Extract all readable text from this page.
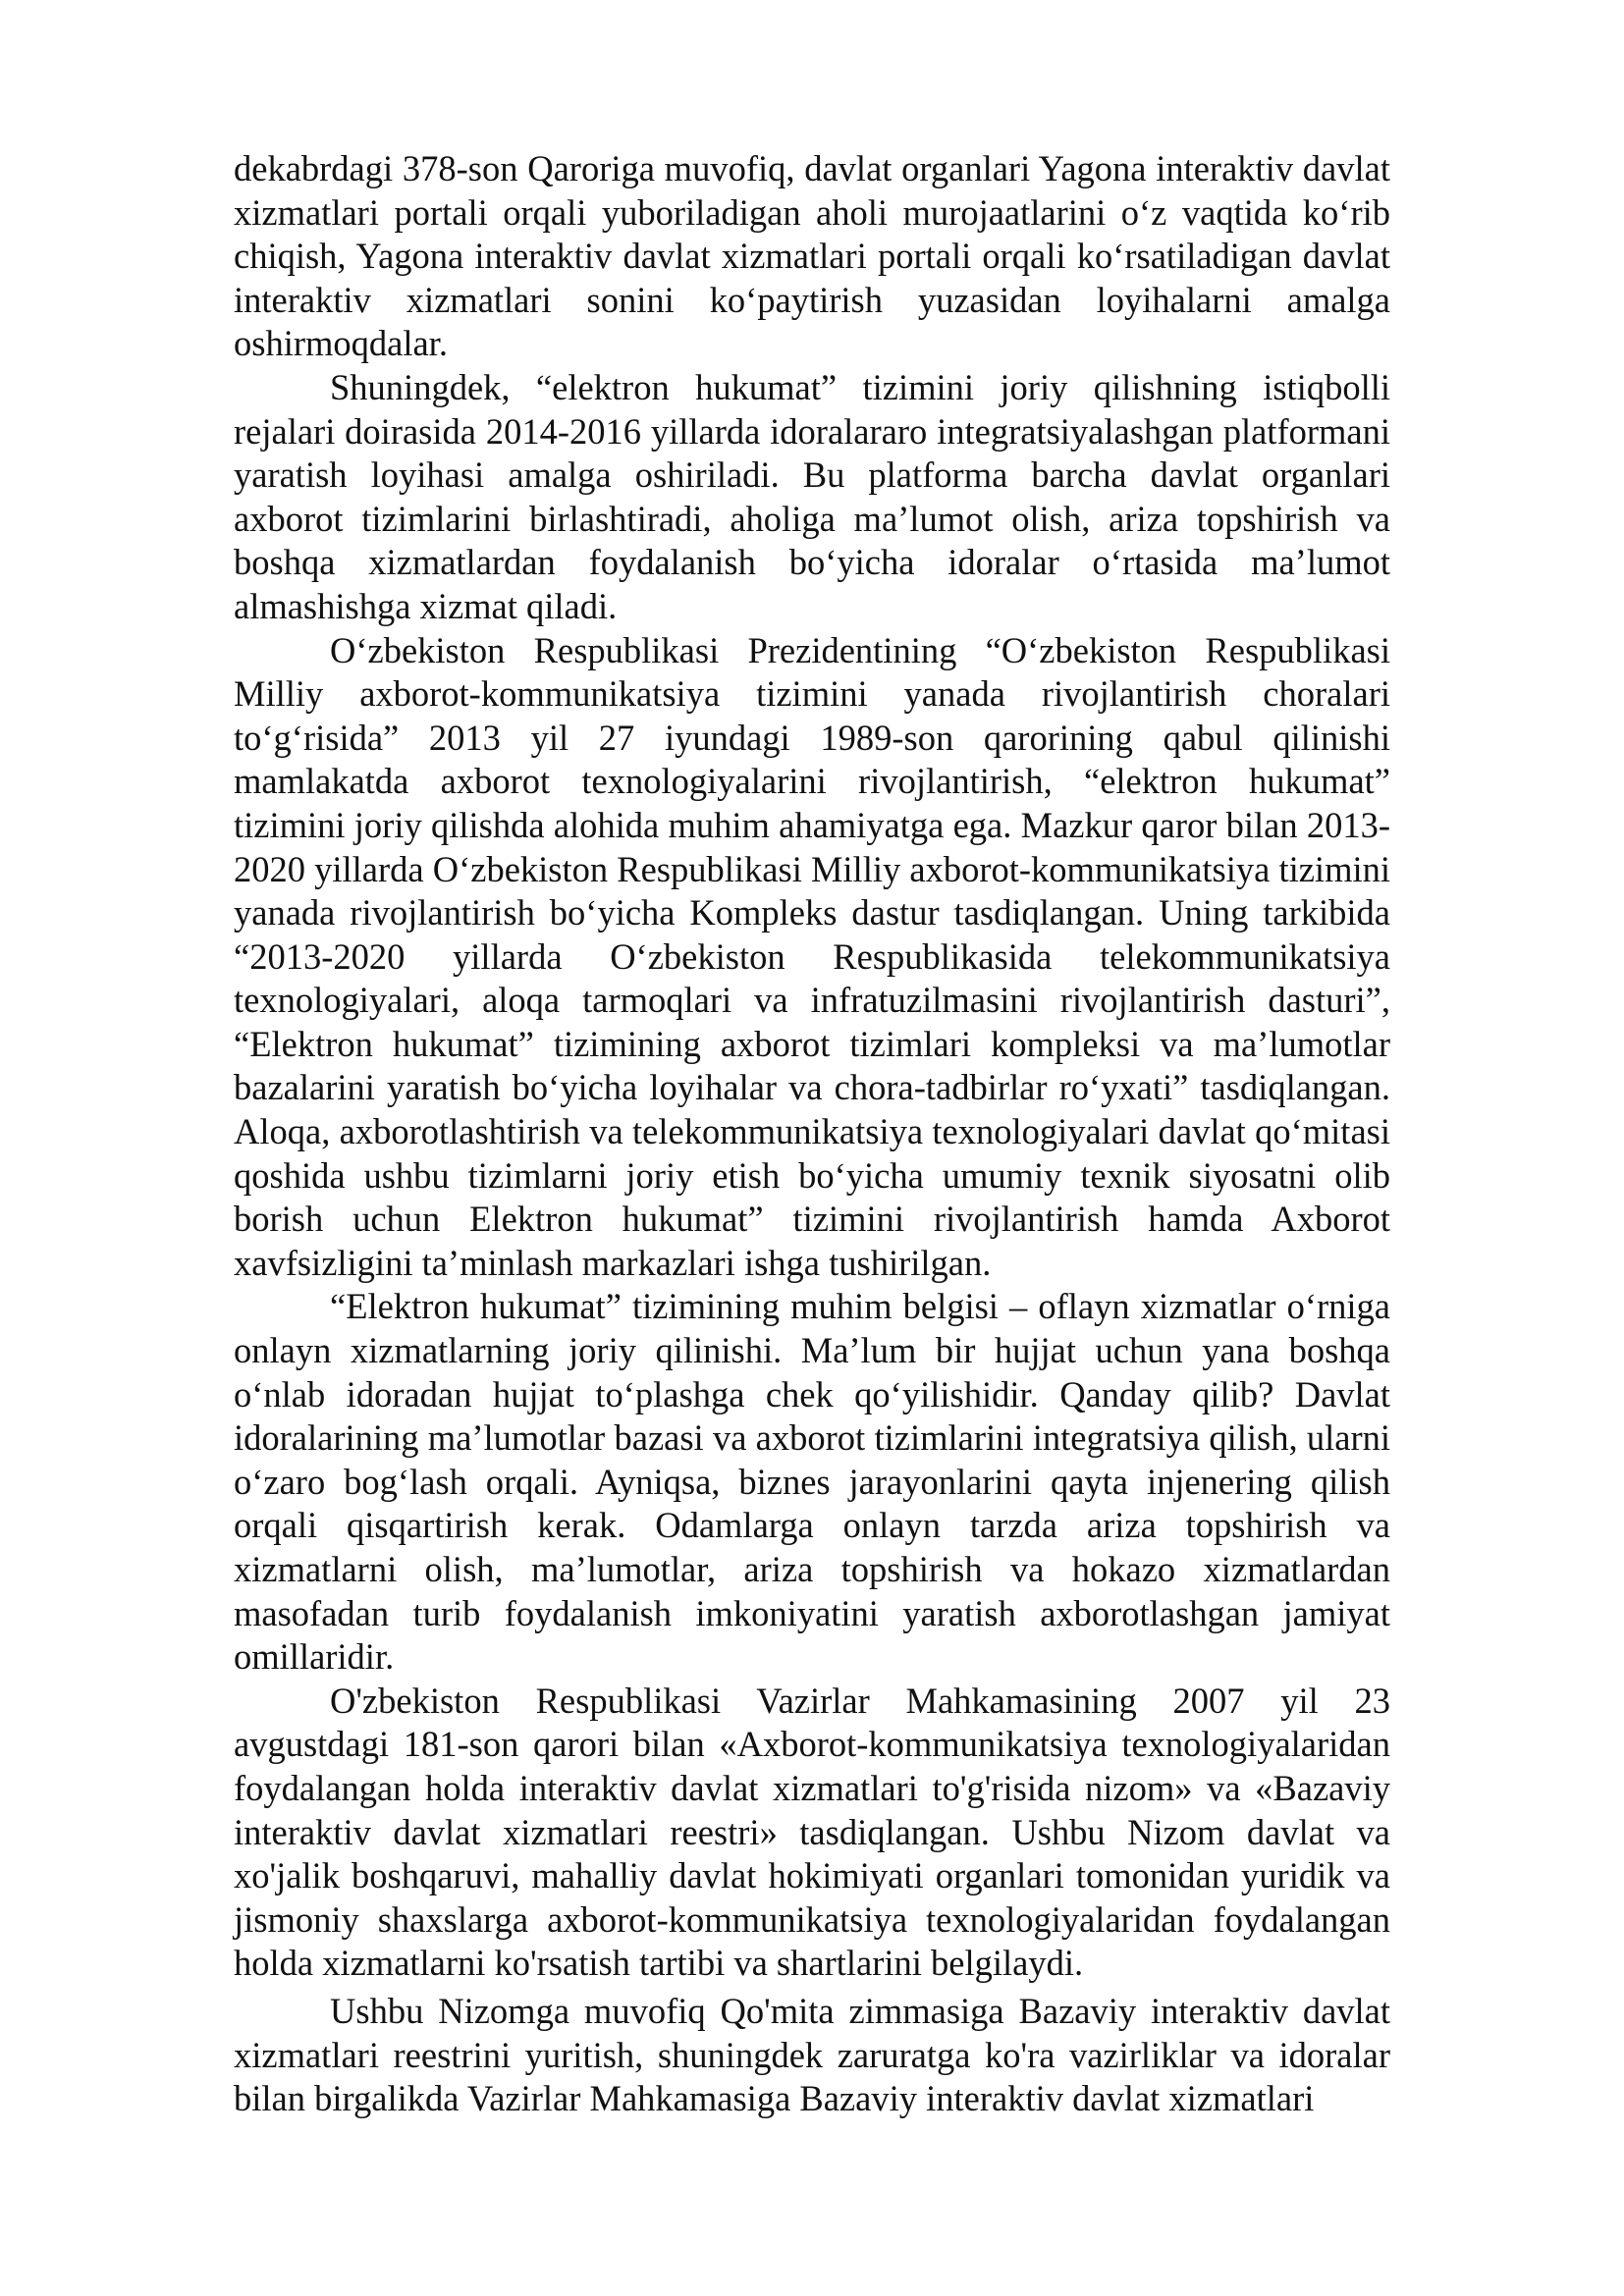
dekabrdagi 378-son Qaroriga muvofiq, davlat organlari Yagona interaktiv davlat xizmatlari portali orqali yuboriladigan aholi murojaatlarini o‘z vaqtida ko‘rib chiqish, Yagona interaktiv davlat xizmatlari portali orqali ko‘rsatiladigan davlat interaktiv xizmatlari sonini ko‘paytirish yuzasidan loyihalarni amalga oshirmoqdalar.

Shuningdek, “elektron hukumat” tizimini joriy qilishning istiqbolli rejalari doirasida 2014-2016 yillarda idoralararo integratsiyalashgan platformani yaratish loyihasi amalga oshiriladi. Bu platforma barcha davlat organlari axborot tizimlarini birlashtiradi, aholiga ma’lumot olish, ariza topshirish va boshqa xizmatlardan foydalanish bo‘yicha idoralar o‘rtasida ma’lumot almashishga xizmat qiladi.

O‘zbekiston Respublikasi Prezidentining “O‘zbekiston Respublikasi Milliy axborot-kommunikatsiya tizimini yanada rivojlantirish choralari to‘g‘risida” 2013 yil 27 iyundagi 1989-son qarorining qabul qilinishi mamlakatda axborot texnologiyalarini rivojlantirish, “elektron hukumat” tizimini joriy qilishda alohida muhim ahamiyatga ega. Mazkur qaror bilan 2013-2020 yillarda O‘zbekiston Respublikasi Milliy axborot-kommunikatsiya tizimini yanada rivojlantirish bo‘yicha Kompleks dastur tasdiqlangan. Uning tarkibida “2013-2020 yillarda O‘zbekiston Respublikasida telekommunikatsiya texnologiyalari, aloqa tarmoqlari va infratuzilmasini rivojlantirish dasturi”, “Elektron hukumat” tizimining axborot tizimlari kompleksi va ma’lumotlar bazalarini yaratish bo‘yicha loyihalar va chora-tadbirlar ro‘yxati” tasdiqlangan. Aloqa, axborotlashtirish va telekommunikatsiya texnologiyalari davlat qo‘mitasi qoshida ushbu tizimlarni joriy etish bo‘yicha umumiy texnik siyosatni olib borish uchun Elektron hukumat” tizimini rivojlantirish hamda Axborot xavfsizligini ta’minlash markazlari ishga tushirilgan.

“Elektron hukumat” tizimining muhim belgisi – oflayn xizmatlar o‘rniga onlayn xizmatlarning joriy qilinishi. Ma’lum bir hujjat uchun yana boshqa o‘nlab idoradan hujjat to‘plashga chek qo‘yilishidir. Qanday qilib? Davlat idoralarining ma’lumotlar bazasi va axborot tizimlarini integratsiya qilish, ularni o‘zaro bog‘lash orqali. Ayniqsa, biznes jarayonlarini qayta injenering qilish orqali qisqartirish kerak. Odamlarga onlayn tarzda ariza topshirish va xizmatlarni olish, ma’lumotlar, ariza topshirish va hokazo xizmatlardan masofadan turib foydalanish imkoniyatini yaratish axborotlashgan jamiyat omillaridir.

O'zbekiston Respublikasi Vazirlar Mahkamasining 2007 yil 23 avgustdagi 181-son qarori bilan «Axborot-kommunikatsiya texnologiyalaridan foydalangan holda interaktiv davlat xizmatlari to'g'risida nizom» va «Bazaviy interaktiv davlat xizmatlari reestri» tasdiqlangan. Ushbu Nizom davlat va xo'jalik boshqaruvi, mahalliy davlat hokimiyati organlari tomonidan yuridik va jismoniy shaxslarga axborot-kommunikatsiya texnologiyalaridan foydalangan holda xizmatlarni ko'rsatish tartibi va shartlarini belgilaydi.

Ushbu Nizomga muvofiq Qo'mita zimmasiga Bazaviy interaktiv davlat xizmatlari reestrini yuritish, shuningdek zaruratga ko'ra vazirliklar va idoralar bilan birgalikda Vazirlar Mahkamasiga Bazaviy interaktiv davlat xizmatlari
